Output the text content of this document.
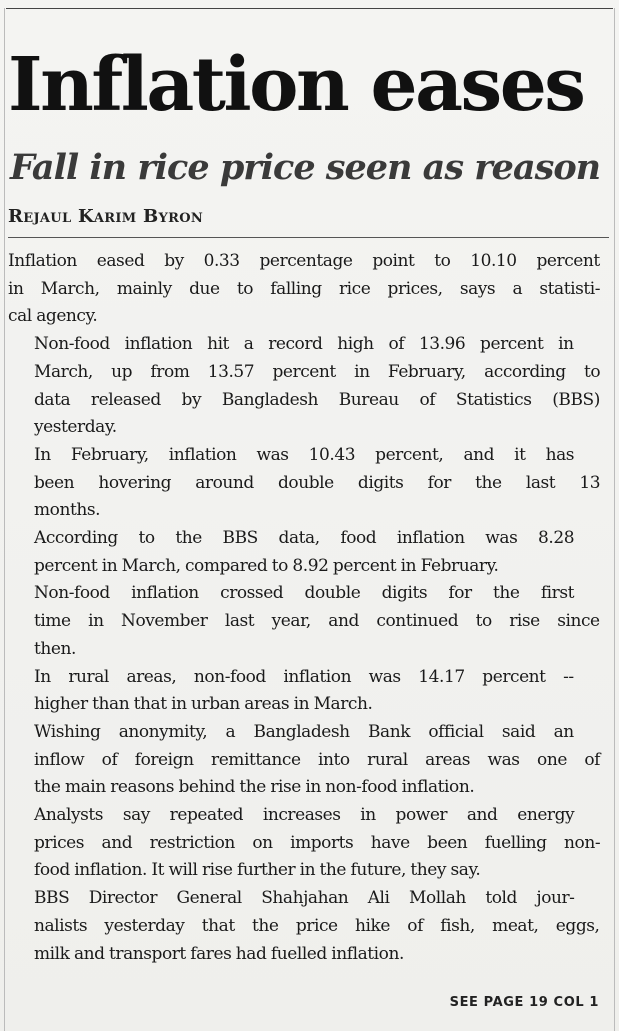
Inflation eases
Fall in rice price seen as reason
Rejaul Karim Byron

Inflation eased by 0.33 percentage point to 10.10 percent
in March, mainly due to falling rice prices, says a statisti-
cal agency.

Non-food inflation hit a record high of 13.96 percent in
March, up from 13.57 percent in February, according to
data released by Bangladesh Bureau of Statistics (BBS)
yesterday.

In February, inflation was 10.43 percent, and it has
been hovering around double digits for the last 13
months.

According to the BBS data, food inflation was 8.28
percent in March, compared to 8.92 percent in February.

Non-food inflation crossed double digits for the first
time in November last year, and continued to rise since
then.

In rural areas, non-food inflation was 14.17 percent --
higher than that in urban areas in March.

Wishing anonymity, a Bangladesh Bank official said an
inflow of foreign remittance into rural areas was one of
the main reasons behind the rise in non-food inflation.

Analysts say repeated increases in power and energy
prices and restriction on imports have been fuelling non-
food inflation. It will rise further in the future, they say.

BBS Director General Shahjahan Ali Mollah told jour-
nalists yesterday that the price hike of fish, meat, eggs,
milk and transport fares had fuelled inflation.

SEE PAGE 19 COL 1
